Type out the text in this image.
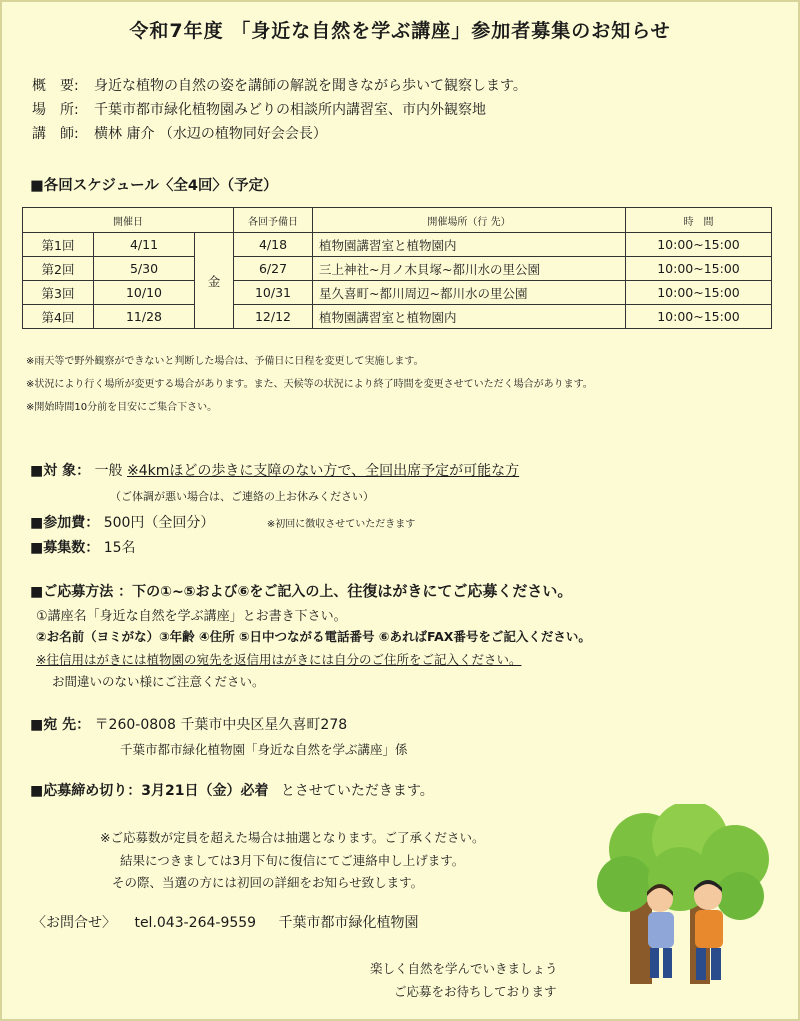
令和7年度 「身近な自然を学ぶ講座」参加者募集のお知らせ
概　要: 身近な植物の自然の姿を講師の解説を聞きながら歩いて観察します。
場　所: 千葉市都市緑化植物園みどりの相談所内講習室、市内外観察地
講　師: 横林 庸介 （水辺の植物同好会会長）
■各回スケジュール〈全4回〉（予定）
開催日			各回予備日	開催場所（行 先）	時　間
第1回	4/11	金	4/18	植物園講習室と植物園内	10:00~15:00
第2回	5/30		6/27	三上神社~月ノ木貝塚~都川水の里公園	10:00~15:00
第3回	10/10		10/31	星久喜町~都川周辺~都川水の里公園	10:00~15:00
第4回	11/28		12/12	植物園講習室と植物園内	10:00~15:00
※雨天等で野外観察ができないと判断した場合は、予備日に日程を変更して実施します。
※状況により行く場所が変更する場合があります。また、天候等の状況により終了時間を変更させていただく場合があります。
※開始時間10分前を目安にご集合下さい。
■対 象： 一般 ※4kmほどの歩きに支障のない方で、全回出席予定が可能な方
（ご体調が悪い場合は、ご連絡の上お休みください）
■参加費： 500円（全回分）	※初回に徴収させていただきます
■募集数： 15名
■ご応募方法 ：下の①~⑤および⑥をご記入の上、往復はがきにてご応募ください。
①講座名「身近な自然を学ぶ講座」とお書き下さい。
②お名前（ヨミがな）③年齢 ④住所 ⑤日中つながる電話番号 ⑥あればFAX番号をご記入ください。
※往信用はがきには植物園の宛先を返信用はがきには自分のご住所をご記入ください。
お間違いのない様にご注意ください。
■宛 先： 〒260-0808 千葉市中央区星久喜町278
千葉市都市緑化植物園「身近な自然を学ぶ講座」係
■応募締め切り：3月21日（金）必着 とさせていただきます。
※ご応募数が定員を超えた場合は抽選となります。ご了承ください。
結果につきましては3月下旬に復信にてご連絡申し上げます。
その際、当選の方には初回の詳細をお知らせ致します。
〈お問合せ〉 tel.043-264-9559 千葉市都市緑化植物園
楽しく自然を学んでいきましょう
ご応募をお待ちしております
